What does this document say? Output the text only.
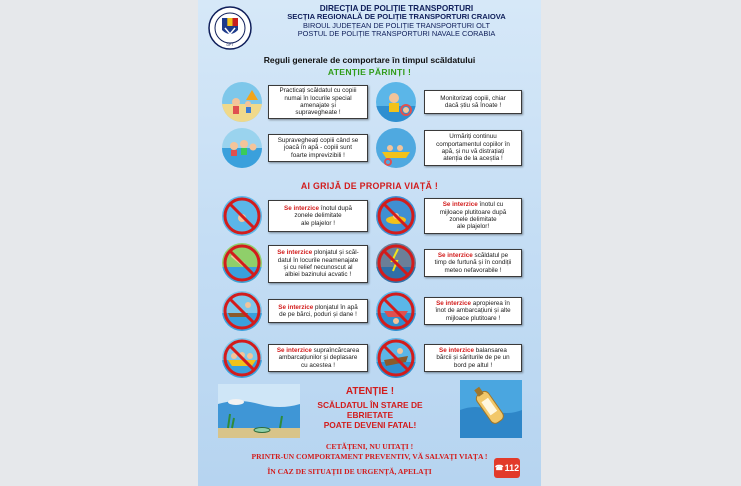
DPT
DIRECȚIA DE POLIȚIE TRANSPORTURI
SECȚIA REGIONALĂ DE POLIȚIE TRANSPORTURI CRAIOVA
BIROUL JUDEȚEAN DE POLIȚIE TRANSPORTURI OLT
POSTUL DE POLIȚIE TRANSPORTURI NAVALE CORABIA
Reguli generale de comportare în timpul scăldatului
ATENȚIE PĂRINȚI !
Practicați scăldatul cu copiii
numai în locurile special
amenajate și
supravegheate !
Monitorizați copiii, chiar
dacă știu să înoate !
Supravegheați copiii când se
joacă în apă - copiii sunt
foarte imprevizibili !
Urmăriți continuu
comportamentul copiilor în
apă, și nu vă distrațiați
atenția de la aceștia !
AI GRIJĂ DE PROPRIA VIAȚĂ !
Se interzice înotul după
zonele delimitate
ale plajelor !
Se interzice înotul cu
mijloace plutitoare după
zonele delimitate
ale plajelor!
Se interzice plonjatul și scăl-
datul în locurile neamenajate
și cu relief necunoscut al
albiei bazinului acvatic !
Se interzice scăldatul pe
timp de furtună și în condiții
meteo nefavorabile !
Se interzice plonjatul în apă
de pe bărci, poduri și dane !
Se interzice apropierea în
înot de ambarcațiuni și alte
mijloace plutitoare !
Se interzice supraîncărcarea
ambarcațiunilor și deplasare
cu acestea !
Se interzice balansarea
bărcii și săriturile de pe un
bord pe altul !
ATENȚIE !
SCĂLDATUL ÎN STARE DE
EBRIETATE
POATE DEVENI FATAL!
CETĂȚENI, NU UITAȚI !
PRINTR-UN COMPORTAMENT PREVENTIV, VĂ SALVAȚI VIAȚA !
ÎN CAZ DE SITUAȚII DE URGENȚĂ, APELAȚI	☎ 112
